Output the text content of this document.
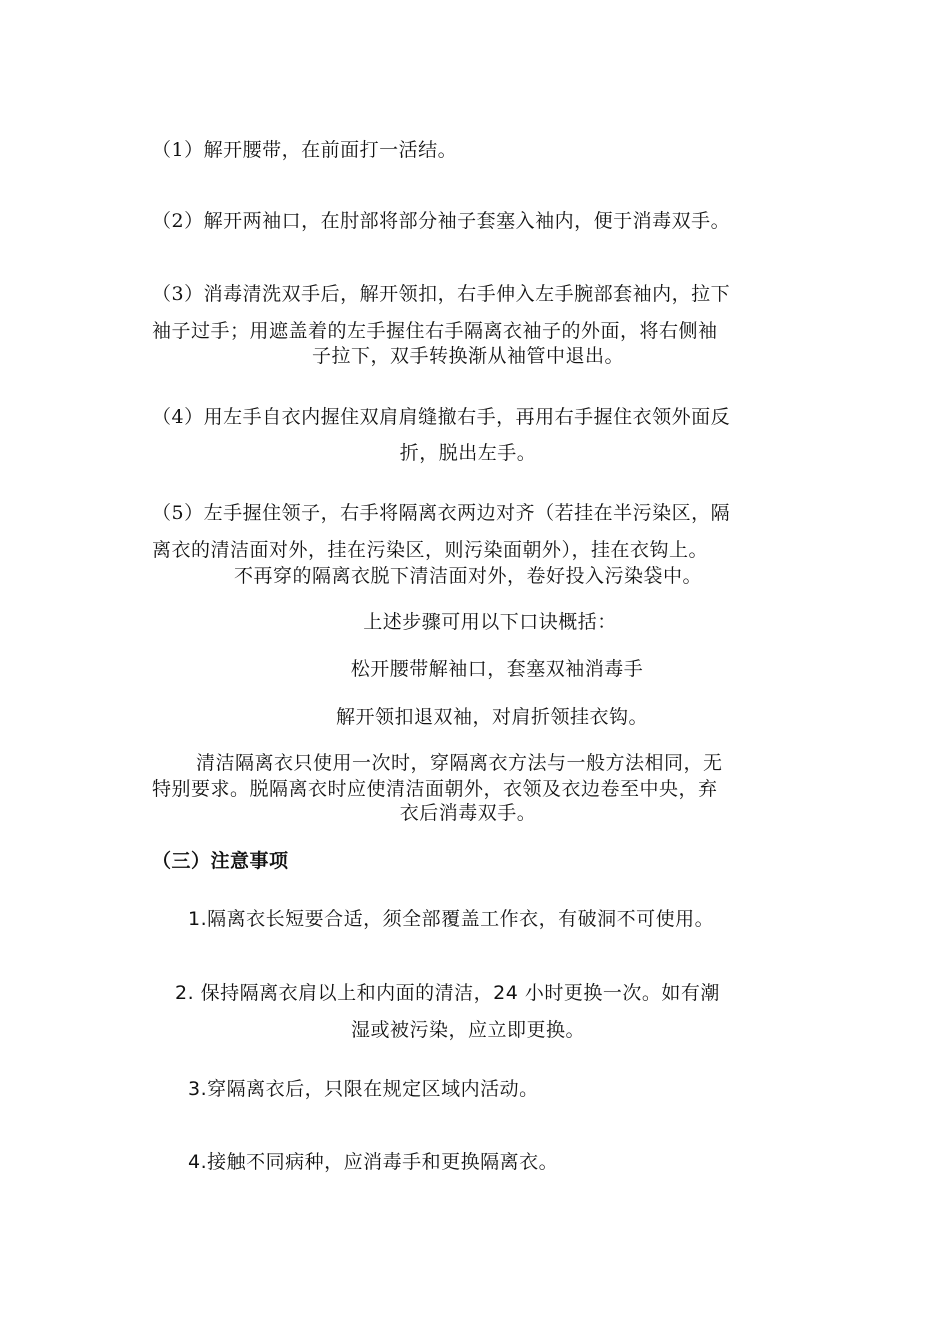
（1）解开腰带，在前面打一活结。
（2）解开两袖口，在肘部将部分袖子套塞入袖内，便于消毒双手。
（3）消毒清洗双手后，解开领扣，右手伸入左手腕部套袖内，拉下
袖子过手；用遮盖着的左手握住右手隔离衣袖子的外面，将右侧袖
子拉下，双手转换渐从袖管中退出。
（4）用左手自衣内握住双肩肩缝撤右手，再用右手握住衣领外面反
折，脱出左手。
（5）左手握住领子，右手将隔离衣两边对齐（若挂在半污染区，隔
离衣的清洁面对外，挂在污染区，则污染面朝外），挂在衣钩上。
不再穿的隔离衣脱下清洁面对外，卷好投入污染袋中。
上述步骤可用以下口诀概括：
松开腰带解袖口，套塞双袖消毒手
解开领扣退双袖，对肩折领挂衣钩。
清洁隔离衣只使用一次时，穿隔离衣方法与一般方法相同，无
特别要求。脱隔离衣时应使清洁面朝外，衣领及衣边卷至中央，弃
衣后消毒双手。
（三）注意事项
1.隔离衣长短要合适，须全部覆盖工作衣，有破洞不可使用。
2. 保持隔离衣肩以上和内面的清洁，24 小时更换一次。如有潮
湿或被污染，应立即更换。
3.穿隔离衣后，只限在规定区域内活动。
4.接触不同病种，应消毒手和更换隔离衣。
